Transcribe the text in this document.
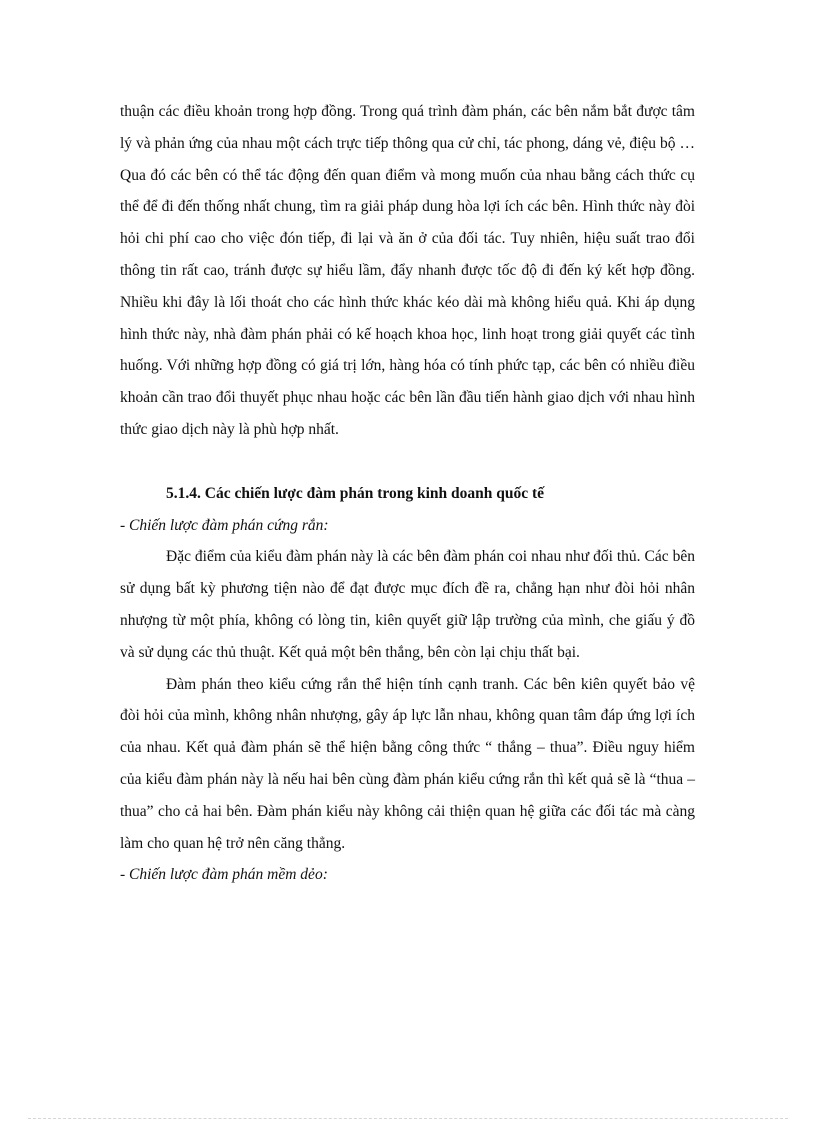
thuận các điều khoản trong hợp đồng. Trong quá trình đàm phán, các bên nắm bắt được tâm lý và phản ứng của nhau một cách trực tiếp thông qua cử chỉ, tác phong, dáng vẻ, điệu bộ … Qua đó các bên có thể tác động đến quan điểm và mong muốn của nhau bằng cách thức cụ thể để đi đến thống nhất chung, tìm ra giải pháp dung hòa lợi ích các bên. Hình thức này đòi hỏi chi phí cao cho việc đón tiếp, đi lại và ăn ở của đối tác. Tuy nhiên, hiệu suất trao đổi thông tin rất cao, tránh được sự hiểu lầm, đẩy nhanh được tốc độ đi đến ký kết hợp đồng. Nhiều khi đây là lối thoát cho các hình thức khác kéo dài mà không hiểu quả. Khi áp dụng hình thức này, nhà đàm phán phải có kế hoạch khoa học, linh hoạt trong giải quyết các tình huống. Với những hợp đồng có giá trị lớn, hàng hóa có tính phức tạp, các bên có nhiều điều khoản cần trao đổi thuyết phục nhau hoặc các bên lần đầu tiến hành giao dịch với nhau hình thức giao dịch này là phù hợp nhất.

5.1.4. Các chiến lược đàm phán trong kinh doanh quốc tế

- Chiến lược đàm phán cứng rắn:

Đặc điểm của kiểu đàm phán này là các bên đàm phán coi nhau như đối thủ. Các bên sử dụng bất kỳ phương tiện nào để đạt được mục đích đề ra, chẳng hạn như đòi hỏi nhân nhượng từ một phía, không có lòng tin, kiên quyết giữ lập trường của mình, che giấu ý đồ và sử dụng các thủ thuật. Kết quả một bên thắng, bên còn lại chịu thất bại.

Đàm phán theo kiểu cứng rắn thể hiện tính cạnh tranh. Các bên kiên quyết bảo vệ đòi hỏi của mình, không nhân nhượng, gây áp lực lẫn nhau, không quan tâm đáp ứng lợi ích của nhau. Kết quả đàm phán sẽ thể hiện bằng công thức “ thắng – thua”. Điều nguy hiểm của kiểu đàm phán này là nếu hai bên cùng đàm phán kiểu cứng rắn thì kết quả sẽ là “thua – thua” cho cả hai bên. Đàm phán kiểu này không cải thiện quan hệ giữa các đối tác mà càng làm cho quan hệ trở nên căng thẳng.

- Chiến lược đàm phán mềm dẻo:
